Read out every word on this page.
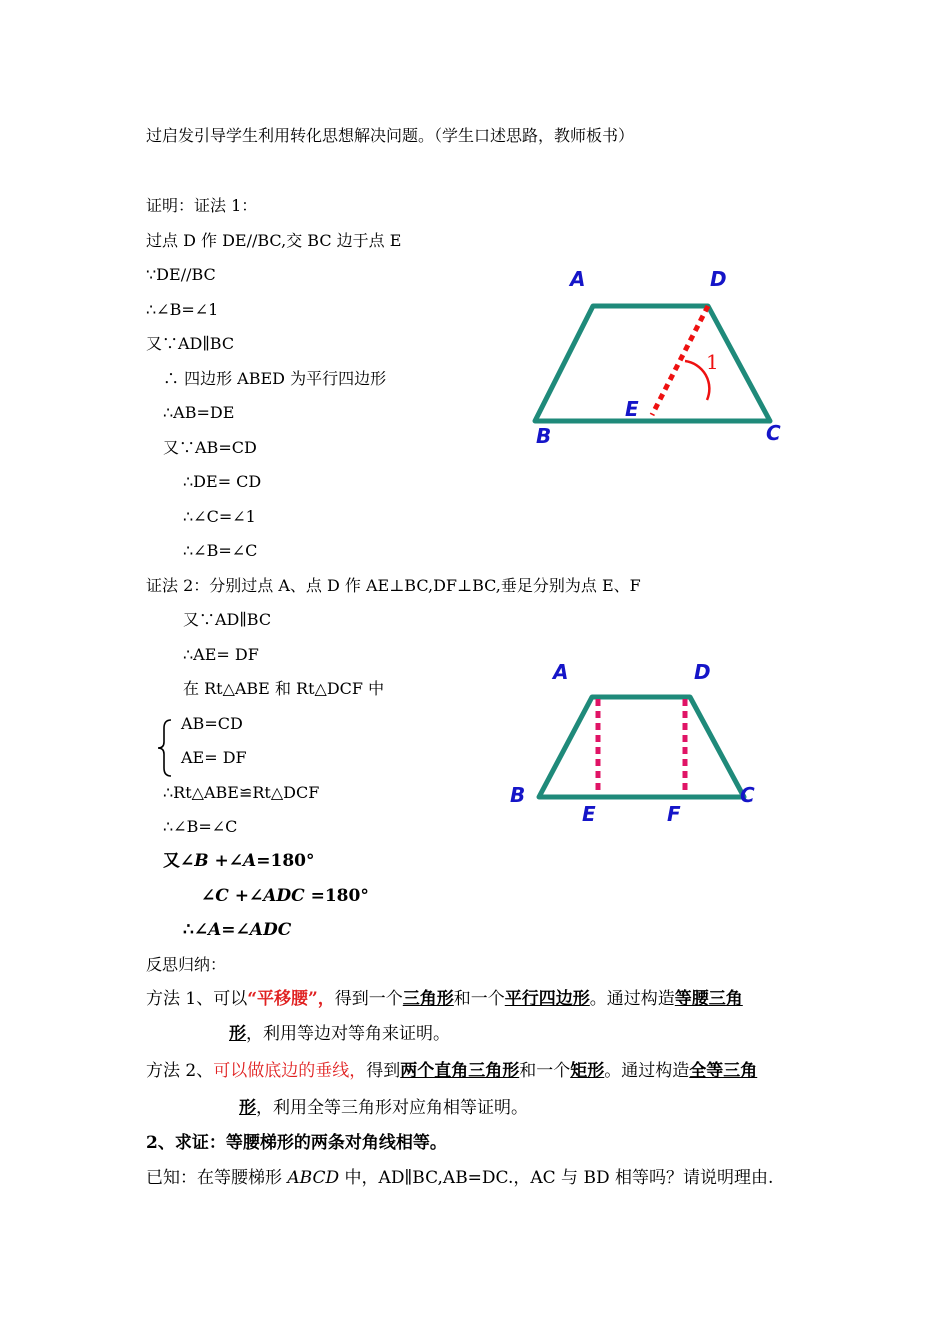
过启发引导学生利用转化思想解决问题。（学生口述思路，教师板书）
证明：证法 1：
过点 D 作 DE//BC,交 BC 边于点 E
∵DE//BC
∴∠B=∠1
又∵AD∥BC
∴ 四边形 ABED 为平行四边形
∴AB=DE
又∵AB=CD
∴DE= CD
∴∠C=∠1
∴∠B=∠C
证法 2：分别过点 A、点 D 作 AE⊥BC,DF⊥BC,垂足分别为点 E、F
又∵AD∥BC
∴AE= DF
在 Rt△ABE 和 Rt△DCF 中
AB=CD
AE= DF
∴Rt△ABE≌Rt△DCF
∴∠B=∠C
又∠B +∠A=180°
∠C +∠ADC =180°
∴∠A=∠ADC
反思归纳：
方法 1、可以“平移腰”，得到一个三角形和一个平行四边形。通过构造等腰三角
形，利用等边对等角来证明。
方法 2、可以做底边的垂线，得到两个直角三角形和一个矩形。通过构造全等三角
形，利用全等三角形对应角相等证明。
2、求证：等腰梯形的两条对角线相等。
已知：在等腰梯形 ABCD 中，AD∥BC,AB=DC.，AC 与 BD 相等吗？请说明理由.
1
A	D
E
B	C
A	D
B	C
E	F
